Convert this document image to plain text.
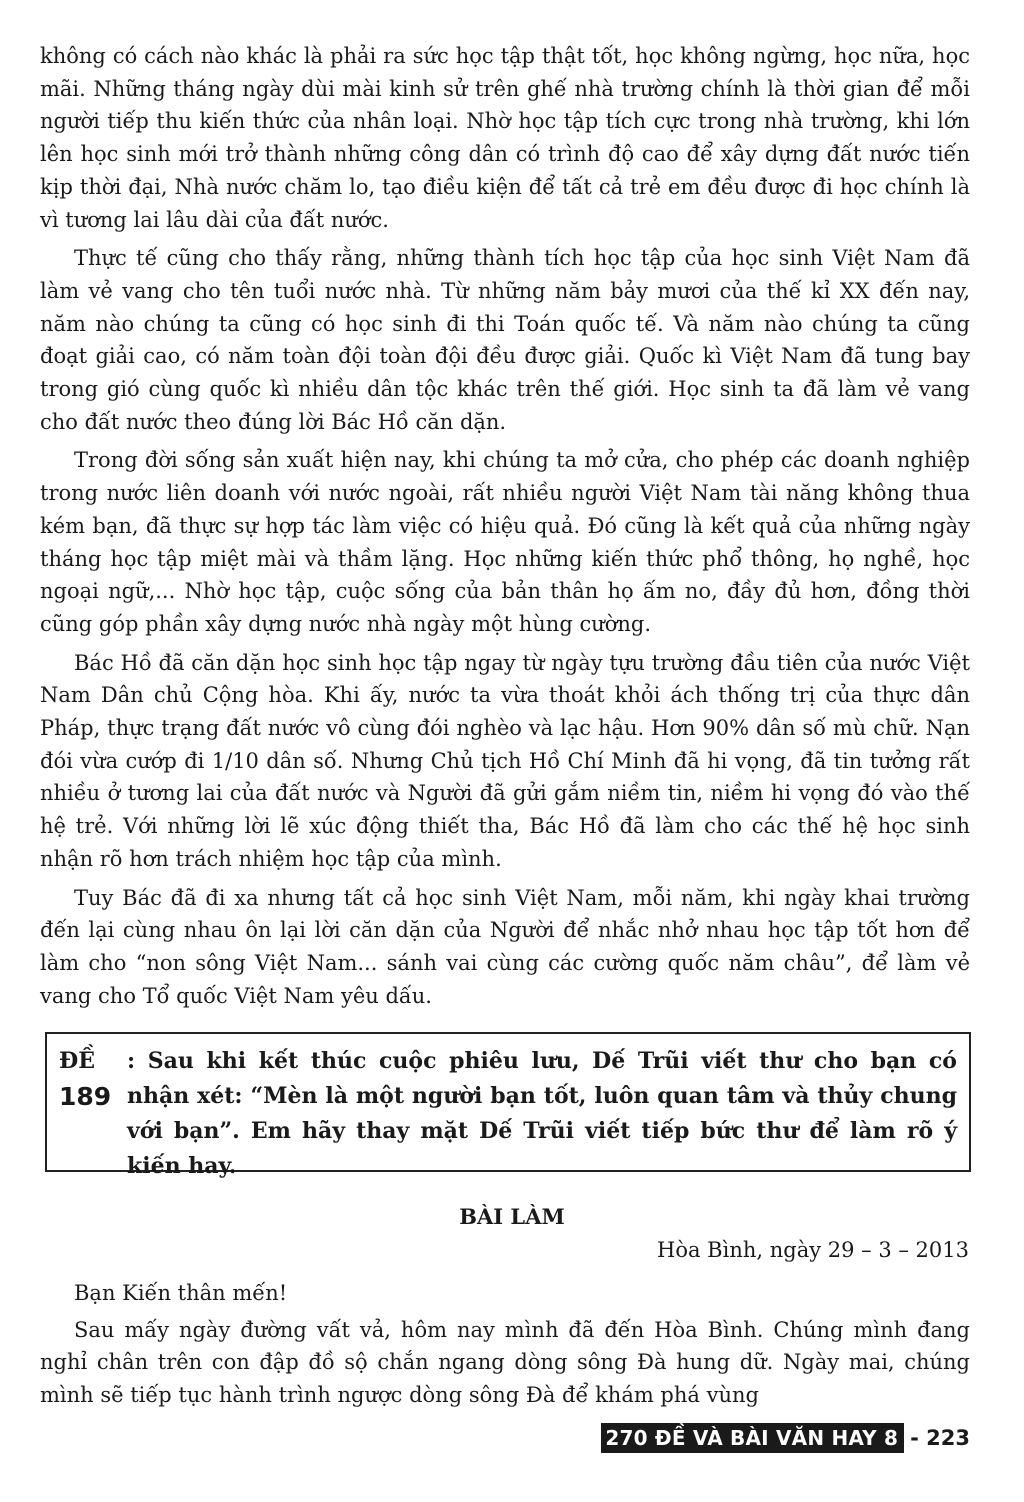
không có cách nào khác là phải ra sức học tập thật tốt, học không ngừng, học nữa, học mãi. Những tháng ngày dùi mài kinh sử trên ghế nhà trường chính là thời gian để mỗi người tiếp thu kiến thức của nhân loại. Nhờ học tập tích cực trong nhà trường, khi lớn lên học sinh mới trở thành những công dân có trình độ cao để xây dựng đất nước tiến kịp thời đại, Nhà nước chăm lo, tạo điều kiện để tất cả trẻ em đều được đi học chính là vì tương lai lâu dài của đất nước.

Thực tế cũng cho thấy rằng, những thành tích học tập của học sinh Việt Nam đã làm vẻ vang cho tên tuổi nước nhà. Từ những năm bảy mươi của thế kỉ XX đến nay, năm nào chúng ta cũng có học sinh đi thi Toán quốc tế. Và năm nào chúng ta cũng đoạt giải cao, có năm toàn đội toàn đội đều được giải. Quốc kì Việt Nam đã tung bay trong gió cùng quốc kì nhiều dân tộc khác trên thế giới. Học sinh ta đã làm vẻ vang cho đất nước theo đúng lời Bác Hồ căn dặn.

Trong đời sống sản xuất hiện nay, khi chúng ta mở cửa, cho phép các doanh nghiệp trong nước liên doanh với nước ngoài, rất nhiều người Việt Nam tài năng không thua kém bạn, đã thực sự hợp tác làm việc có hiệu quả. Đó cũng là kết quả của những ngày tháng học tập miệt mài và thầm lặng. Học những kiến thức phổ thông, họ nghề, học ngoại ngữ,... Nhờ học tập, cuộc sống của bản thân họ ấm no, đầy đủ hơn, đồng thời cũng góp phần xây dựng nước nhà ngày một hùng cường.

Bác Hồ đã căn dặn học sinh học tập ngay từ ngày tựu trường đầu tiên của nước Việt Nam Dân chủ Cộng hòa. Khi ấy, nước ta vừa thoát khỏi ách thống trị của thực dân Pháp, thực trạng đất nước vô cùng đói nghèo và lạc hậu. Hơn 90% dân số mù chữ. Nạn đói vừa cướp đi 1/10 dân số. Nhưng Chủ tịch Hồ Chí Minh đã hi vọng, đã tin tưởng rất nhiều ở tương lai của đất nước và Người đã gửi gắm niềm tin, niềm hi vọng đó vào thế hệ trẻ. Với những lời lẽ xúc động thiết tha, Bác Hồ đã làm cho các thế hệ học sinh nhận rõ hơn trách nhiệm học tập của mình.

Tuy Bác đã đi xa nhưng tất cả học sinh Việt Nam, mỗi năm, khi ngày khai trường đến lại cùng nhau ôn lại lời căn dặn của Người để nhắc nhở nhau học tập tốt hơn để làm cho “non sông Việt Nam... sánh vai cùng các cường quốc năm châu”, để làm vẻ vang cho Tổ quốc Việt Nam yêu dấu.

ĐỀ 189
: Sau khi kết thúc cuộc phiêu lưu, Dế Trũi viết thư cho bạn có nhận xét: “Mèn là một người bạn tốt, luôn quan tâm và thủy chung với bạn”. Em hãy thay mặt Dế Trũi viết tiếp bức thư để làm rõ ý kiến hay.
BÀI LÀM
Hòa Bình, ngày 29 – 3 – 2013

Bạn Kiến thân mến!

Sau mấy ngày đường vất vả, hôm nay mình đã đến Hòa Bình. Chúng mình đang nghỉ chân trên con đập đồ sộ chắn ngang dòng sông Đà hung dữ. Ngày mai, chúng mình sẽ tiếp tục hành trình ngược dòng sông Đà để khám phá vùng

270 ĐỀ VÀ BÀI VĂN HAY 8 - 223
